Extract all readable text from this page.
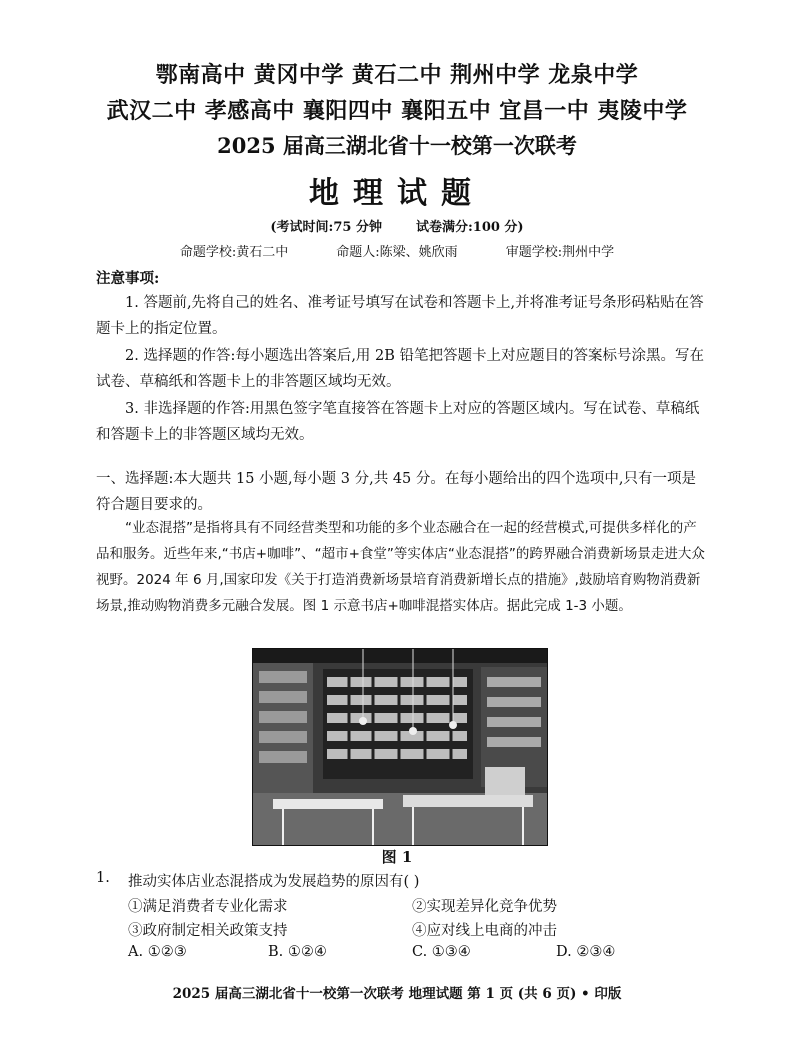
鄂南高中 黄冈中学 黄石二中 荆州中学 龙泉中学
武汉二中 孝感高中 襄阳四中 襄阳五中 宜昌一中 夷陵中学
2025 届高三湖北省十一校第一次联考
地理试题
(考试时间:75 分钟	试卷满分:100 分)
命题学校:黄石二中	命题人:陈梁、姚欣雨	审题学校:荆州中学
注意事项:
1. 答题前,先将自己的姓名、准考证号填写在试卷和答题卡上,并将准考证号条形码粘贴在答题卡上的指定位置。
2. 选择题的作答:每小题选出答案后,用 2B 铅笔把答题卡上对应题目的答案标号涂黑。写在试卷、草稿纸和答题卡上的非答题区域均无效。
3. 非选择题的作答:用黑色签字笔直接答在答题卡上对应的答题区域内。写在试卷、草稿纸和答题卡上的非答题区域均无效。
一、选择题:本大题共 15 小题,每小题 3 分,共 45 分。在每小题给出的四个选项中,只有一项是符合题目要求的。
“业态混搭”是指将具有不同经营类型和功能的多个业态融合在一起的经营模式,可提供多样化的产品和服务。近些年来,“书店+咖啡”、“超市+食堂”等实体店“业态混搭”的跨界融合消费新场景走进大众视野。2024 年 6 月,国家印发《关于打造消费新场景培育消费新增长点的措施》,鼓励培育购物消费新场景,推动购物消费多元融合发展。图 1 示意书店+咖啡混搭实体店。据此完成 1-3 小题。
图 1
1. 推动实体店业态混搭成为发展趋势的原因有( )
①满足消费者专业化需求	②实现差异化竞争优势
③政府制定相关政策支持	④应对线上电商的冲击
A. ①②③	B. ①②④	C. ①③④	D. ②③④
2025 届高三湖北省十一校第一次联考 地理试题 第 1 页 (共 6 页) • 印版
